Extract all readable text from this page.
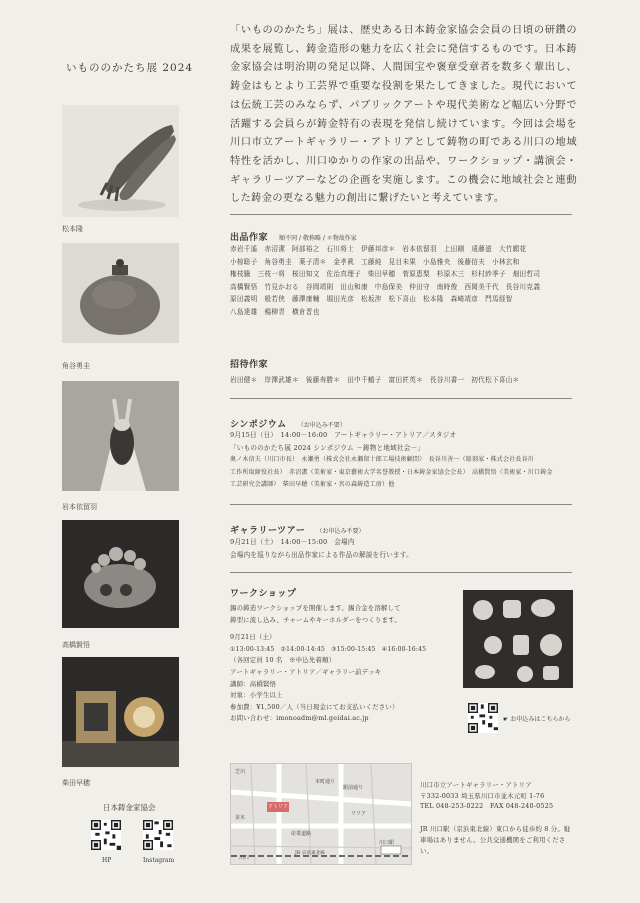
いもののかたち展 2024
松本隆
角谷勇圭
岩本依留羽
高橋賢悟
柴田早穂
日本鋳金家協会
HP	Instagram
「いもののかたち」展は、歴史ある日本鋳金家協会会員の日頃の研鑽の成果を展覧し、鋳金造形の魅力を広く社会に発信するものです。日本鋳金家協会は明治期の発足以降、人間国宝や褒章受章者を数多く輩出し、鋳金はもとより工芸界で重要な役割を果たしてきました。現代においては伝統工芸のみならず、パブリックアートや現代美術など幅広い分野で活躍する会員らが鋳金特有の表現を発信し続けています。今回は会場を川口市立アートギャラリー・アトリアとして鋳物の町である川口の地域特性を活かし、川口ゆかりの作家の出品や、ワークショップ・講演会・ギャラリーツアーなどの企画を実施します。この機会に地域社会と連動した鋳金の更なる魅力の創出に繋げたいと考えています。
出品作家 順不同 / 敬称略 / ＊物故作家
赤岩千遙　赤沼潔　阿部裕之　石川将士　伊藤邦彦＊　岩本依留羽　上田剛　遠藤滋　大竹願花
小椋聡子　角谷勇圭　薬子清＊　金孝眞　工藤純　見目未果　小島雅央　後藤信夫　小林玄和
権枝騰　三枝一将　桜田知文　佐治真理子　柴田早穂　菅原恵梨　杉原木三　杉村紗季子　畑田哲司
高橋賢悟　竹見かおる　谷岡靖則　田山和康　中島保美　仲田守　南時俊　西岡美千代　長谷川克義
原田義明　般若侠　藤澤康輔　堀田光彦　松坂渉　松下喜山　松本隆　森崎靖彦　門馬経智
八島達雄　楊柳青　横倉晋也
招待作家
岩田健＊　岸澤武雄＊　後藤寿勝＊　田中千鶴子　富田匠英＊　長谷川書一　初代松下喜山＊
シンポジウム （お申込み不要）
9月15日（日）　14:00－16:00　アートギャラリー・アトリア／スタジオ
「いもののかたち展 2024 シンポジウム －鋳物と地域社会－」
奥ノ木信夫（川口市長）　永瀬勇（株式会社永瀬留十郎工場技術顧問）　長谷川善一（彫刻家・株式会社長谷川
工作所取締役社長）　赤沼潔（美術家・東京藝術大学名誉教授・日本鋳金家協会会長）　高橋賢悟（美術家・川口鋳金
工芸研究会講師）　柴田早穂（美術家・宮の森鋳造工房）他
ギャラリーツアー （お申込み不要）
9月21日（土）　14:00－15:00　会場内
会場内を巡りながら出品作家による作品の解説を行います。
ワークショップ
錫の鋳造ワークショップを開催します。錫合金を溶解して
鋳型に流し込み、チャームやキーホルダーをつくります。
9月21日（土）
①13:00-13:45　②14:00-14:45　③15:00-15:45　④16:00-16:45
（各回定員 10 名　※申込先着順）
アートギャラリー・アトリア／ギャラリー前デッキ
講師：高橋賢悟
対象：小学生以上
参加費：¥1,500／人（当日現金にてお支払いください）
お問い合わせ：imonoadm@ml.geidai.ac.jp	☛ お申込みはこちらから
アトリア
リリア
本町通り
駅前通り
川口駅
産業道路
芝川
JR 京浜東北線
川口
並木
川口市立アートギャラリー・アトリア
〒332-0033 埼玉県川口市並木元町 1-76
TEL 048-253-0222　FAX 048-240-0525
JR 川口駅（京浜東北線）東口から徒歩約 8 分。駐車場はありません。公共交通機関をご利用ください。
